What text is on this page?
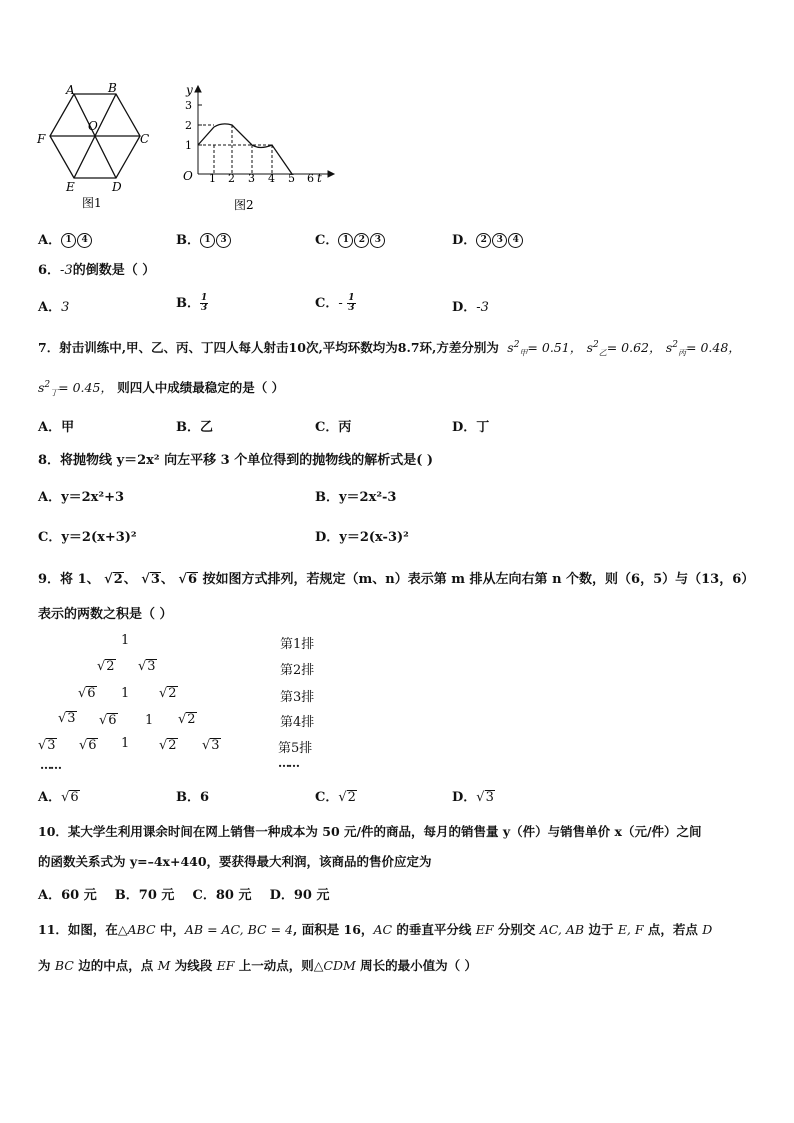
A	B
C
D
E
F
O
图1
y
3
2
1
O 1 2 3 4 5 6 t
图2
A． 1 4	B． 1 3	C． 1 2 3	D． 2 3 4
6．-3的倒数是（ ）
A．3	B． $\frac{1}{3}$	C．- $\frac{1}{3}$	D．-3
7．射击训练中,甲、乙、丙、丁四人每人射击10次,平均环数均为8.7环,方差分别为 $s^2_甲= 0.51$， $s^2_乙= 0.62$， $s^2_丙= 0.48$，
$s^2_丁= 0.45$， 则四人中成绩最稳定的是（ ）
A．甲	B．乙	C．丙	D．丁
8．将抛物线 y＝2x² 向左平移 3 个单位得到的抛物线的解析式是( )
A．y＝2x²+3	B．y＝2x²-3
C．y＝2(x+3)²	D．y＝2(x-3)²
9．将 1、 √2、 √3、 √6 按如图方式排列，若规定（m、n）表示第 m 排从左向右第 n 个数，则（6，5）与（13，6）
表示的两数之积是（ ）
1
√2 √3
√6 1 √2
√3 √6 1 √2
√3 √6 1 √2 √3
……
第1排
第2排
第3排
第4排
第5排
……
A．√6	B．6	C．√2	D．√3
10．某大学生利用课余时间在网上销售一种成本为 50 元/件的商品，每月的销售量 y（件）与销售单价 x（元/件）之间
的函数关系式为 y=–4x+440，要获得最大利润，该商品的售价应定为
A．60 元    B．70 元    C．80 元    D．90 元
11．如图，在△ABC 中，AB = AC, BC = 4, 面积是 16，AC 的垂直平分线 EF 分别交 AC, AB 边于 E, F 点，若点 D
为 BC 边的中点，点 M 为线段 EF 上一动点，则△CDM 周长的最小值为（ ）
